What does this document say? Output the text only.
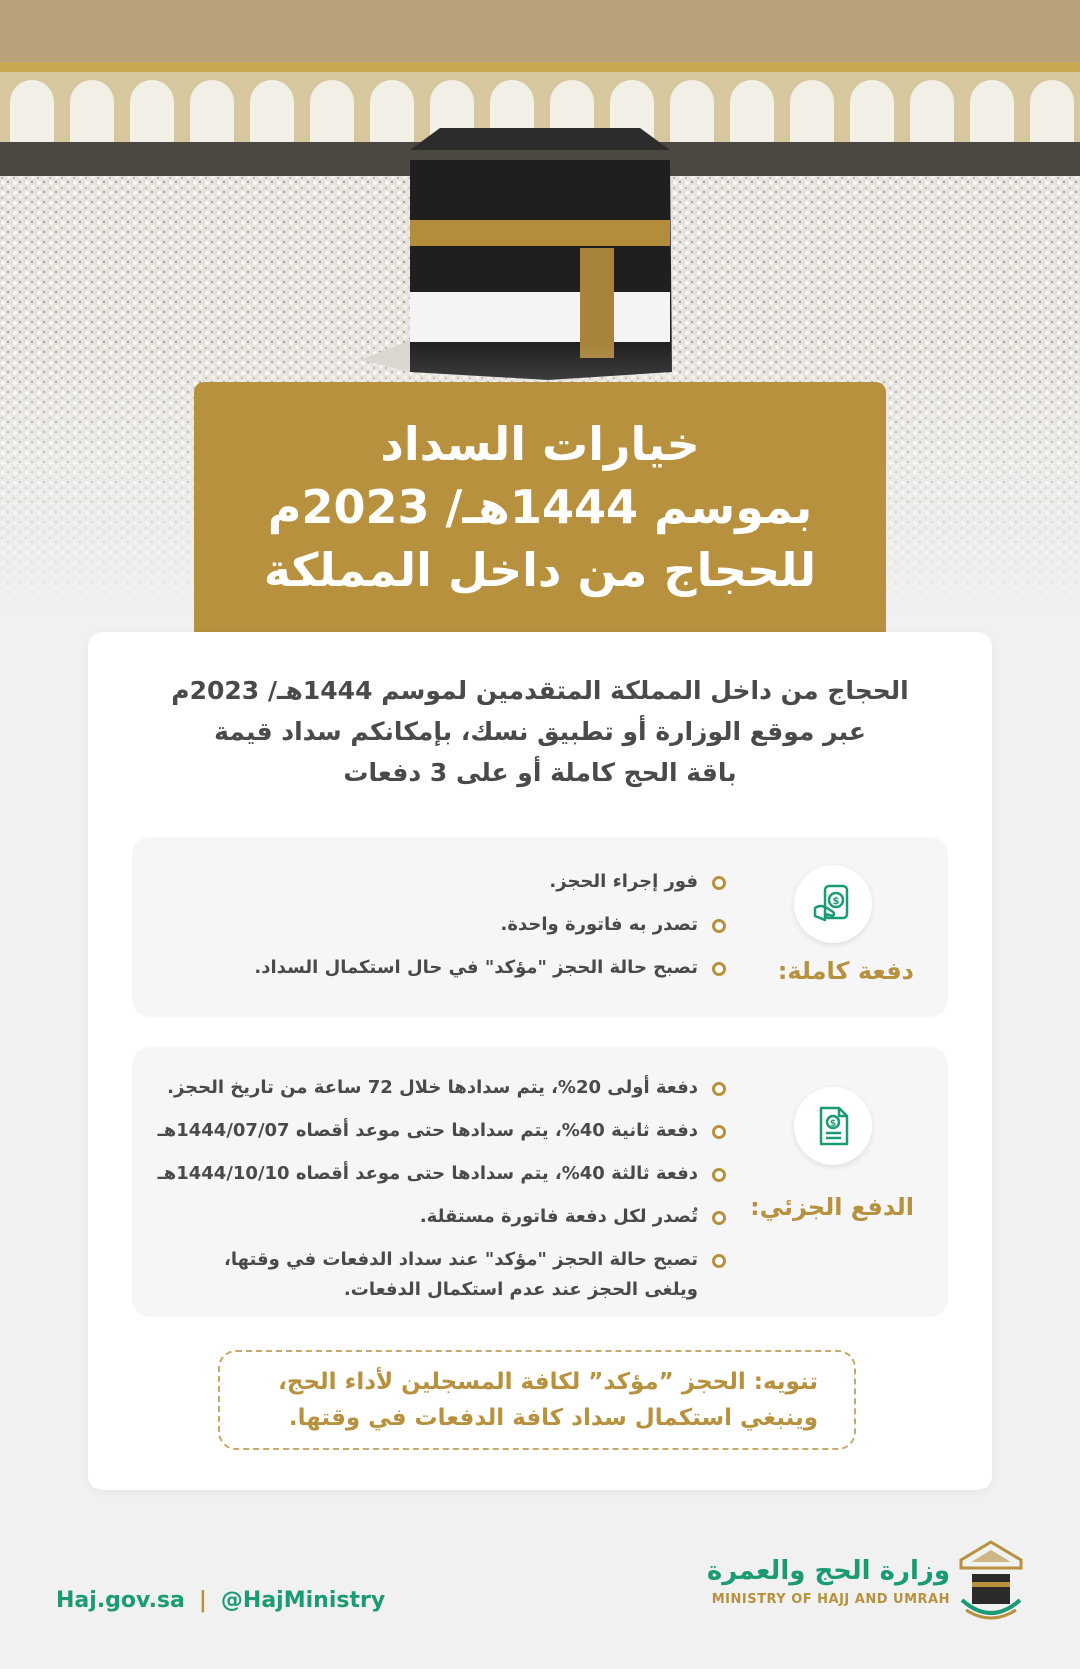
خيارات السداد
بموسم 1444هـ/ 2023م
للحجاج من داخل المملكة
الحجاج من داخل المملكة المتقدمين لموسم 1444هـ/ 2023م
عبر موقع الوزارة أو تطبيق نسك، بإمكانكم سداد قيمة
باقة الحج كاملة أو على 3 دفعات
$
دفعة كاملة:
فور إجراء الحجز.
تصدر به فاتورة واحدة.
تصبح حالة الحجز "مؤكد" في حال استكمال السداد.
$
الدفع الجزئي:
دفعة أولى 20%، يتم سدادها خلال 72 ساعة من تاريخ الحجز.
دفعة ثانية 40%، يتم سدادها حتى موعد أقصاه 1444/07/07هـ
دفعة ثالثة 40%، يتم سدادها حتى موعد أقصاه 1444/10/10هـ
تُصدر لكل دفعة فاتورة مستقلة.
تصبح حالة الحجز "مؤكد" عند سداد الدفعات في وقتها،
ويلغى الحجز عند عدم استكمال الدفعات.
تنويه: الحجز ”مؤكد” لكافة المسجلين لأداء الحج،
وينبغي استكمال سداد كافة الدفعات في وقتها.
Haj.gov.sa | @HajMinistry
وزارة الحج والعمرة
MINISTRY OF HAJJ AND UMRAH
